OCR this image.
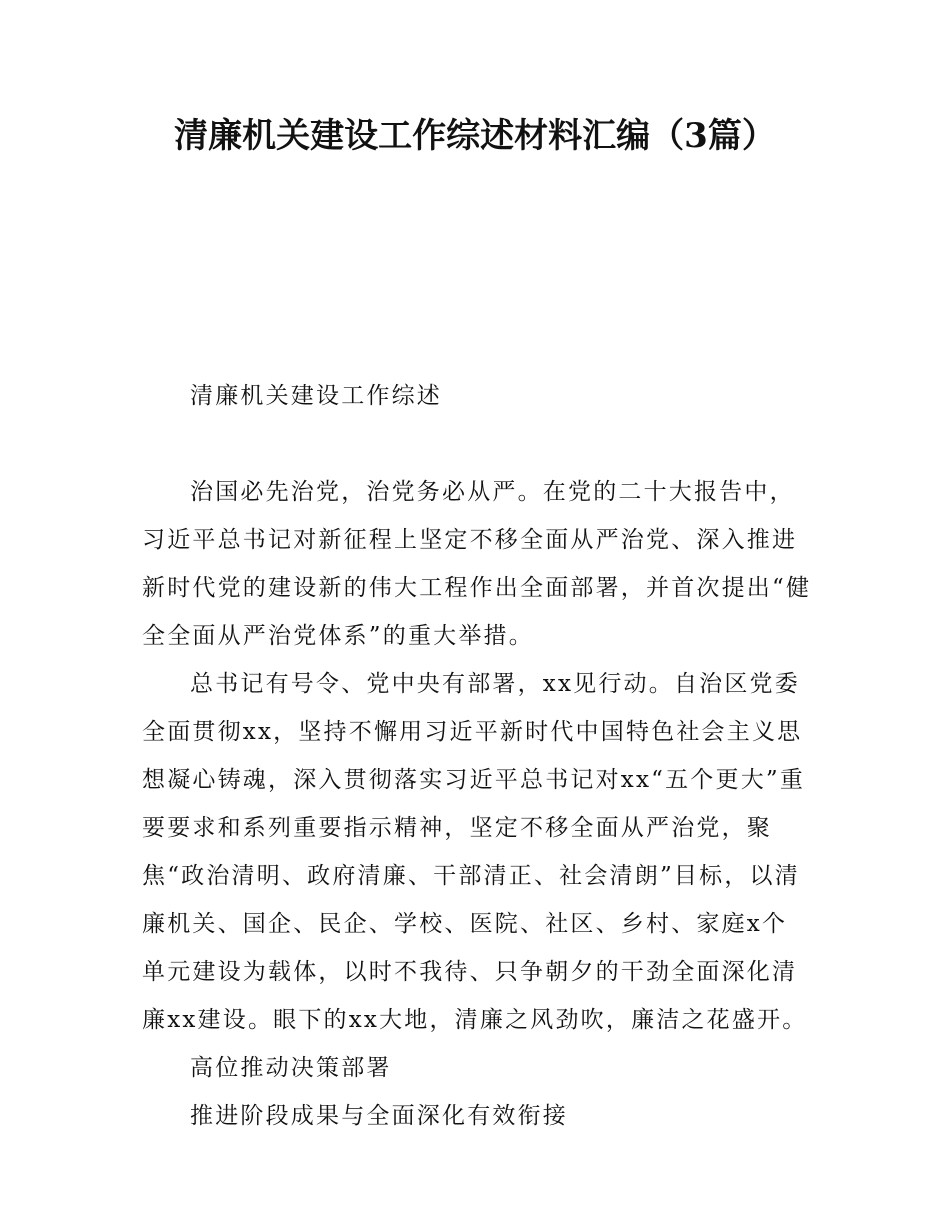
清廉机关建设工作综述材料汇编（3篇）

清廉机关建设工作综述

治国必先治党，治党务必从严。在党的二十大报告中，习近平总书记对新征程上坚定不移全面从严治党、深入推进新时代党的建设新的伟大工程作出全面部署，并首次提出“健全全面从严治党体系”的重大举措。

总书记有号令、党中央有部署，xx见行动。自治区党委全面贯彻xx，坚持不懈用习近平新时代中国特色社会主义思想凝心铸魂，深入贯彻落实习近平总书记对xx“五个更大”重要要求和系列重要指示精神，坚定不移全面从严治党，聚焦“政治清明、政府清廉、干部清正、社会清朗”目标，以清廉机关、国企、民企、学校、医院、社区、乡村、家庭x个单元建设为载体，以时不我待、只争朝夕的干劲全面深化清廉xx建设。眼下的xx大地，清廉之风劲吹，廉洁之花盛开。

高位推动决策部署

推进阶段成果与全面深化有效衔接
